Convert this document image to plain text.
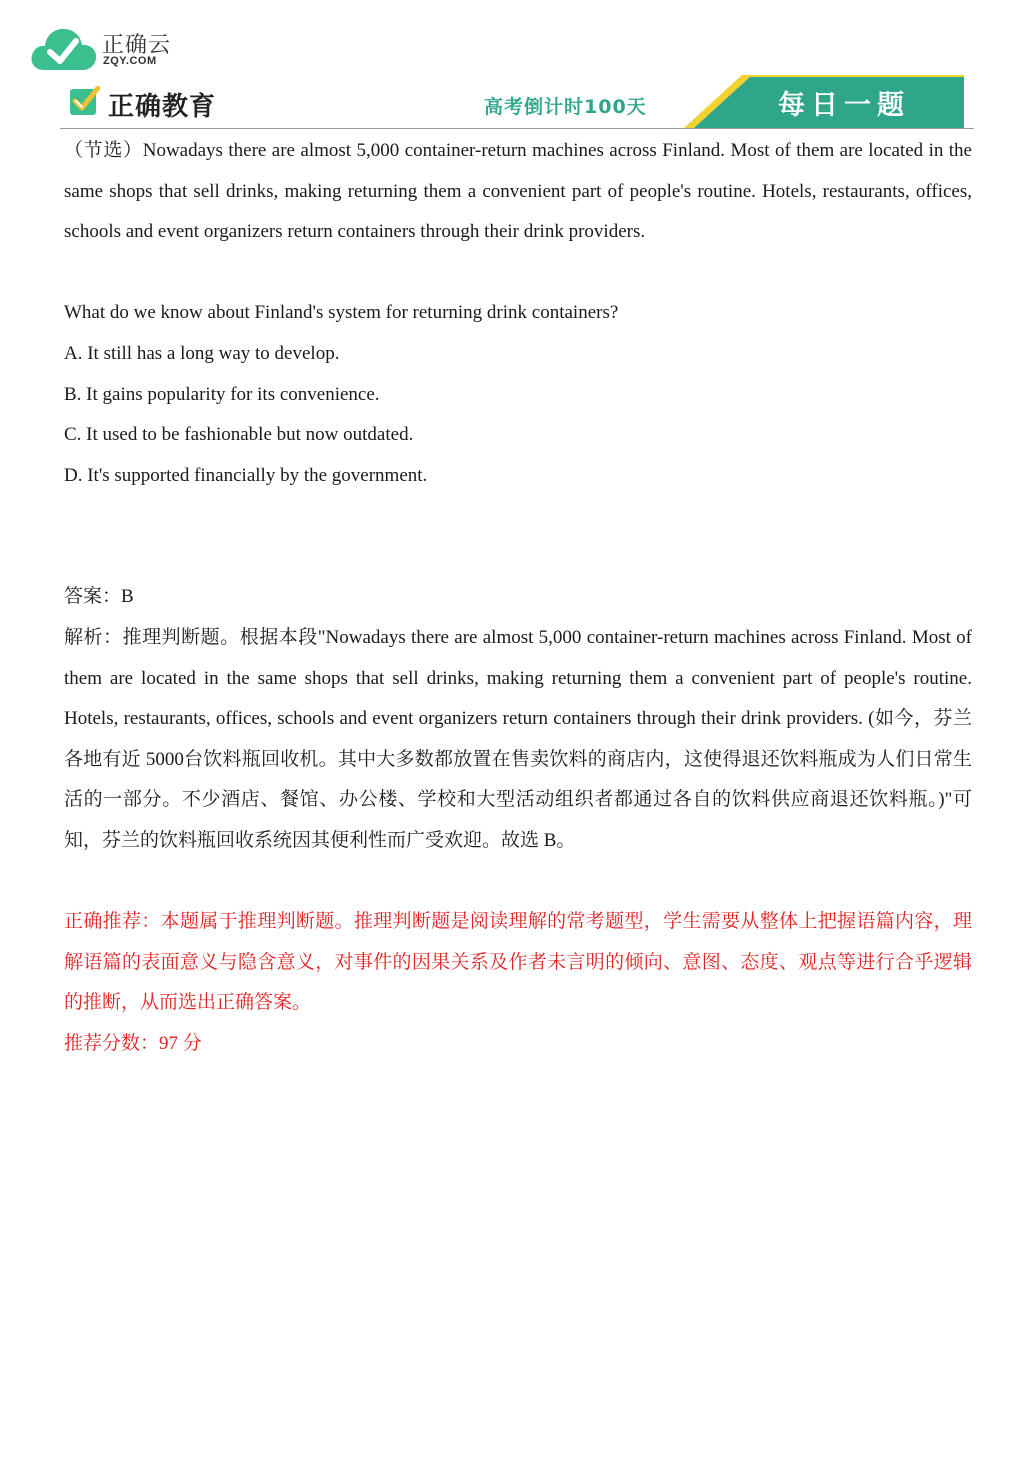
正确云
ZQY.COM
正确教育	高考倒计时100天	每日一题

（节选）Nowadays there are almost 5,000 container-return machines across Finland. Most of them are located in the same shops that sell drinks, making returning them a convenient part of people's routine. Hotels, restaurants, offices, schools and event organizers return containers through their drink providers.

What do we know about Finland's system for returning drink containers?

A. It still has a long way to develop.

B. It gains popularity for its convenience.

C. It used to be fashionable but now outdated.

D. It's supported financially by the government.

答案：B

解析：推理判断题。根据本段"Nowadays there are almost 5,000 container-return machines across Finland. Most of them are located in the same shops that sell drinks, making returning them a convenient part of people's routine. Hotels, restaurants, offices, schools and event organizers return containers through their drink providers. (如今，芬兰各地有近 5000台饮料瓶回收机。其中大多数都放置在售卖饮料的商店内，这使得退还饮料瓶成为人们日常生活的一部分。不少酒店、餐馆、办公楼、学校和大型活动组织者都通过各自的饮料供应商退还饮料瓶。)"可知，芬兰的饮料瓶回收系统因其便利性而广受欢迎。故选 B。

正确推荐：本题属于推理判断题。推理判断题是阅读理解的常考题型，学生需要从整体上把握语篇内容，理解语篇的表面意义与隐含意义，对事件的因果关系及作者未言明的倾向、意图、态度、观点等进行合乎逻辑的推断，从而选出正确答案。

推荐分数：97 分
